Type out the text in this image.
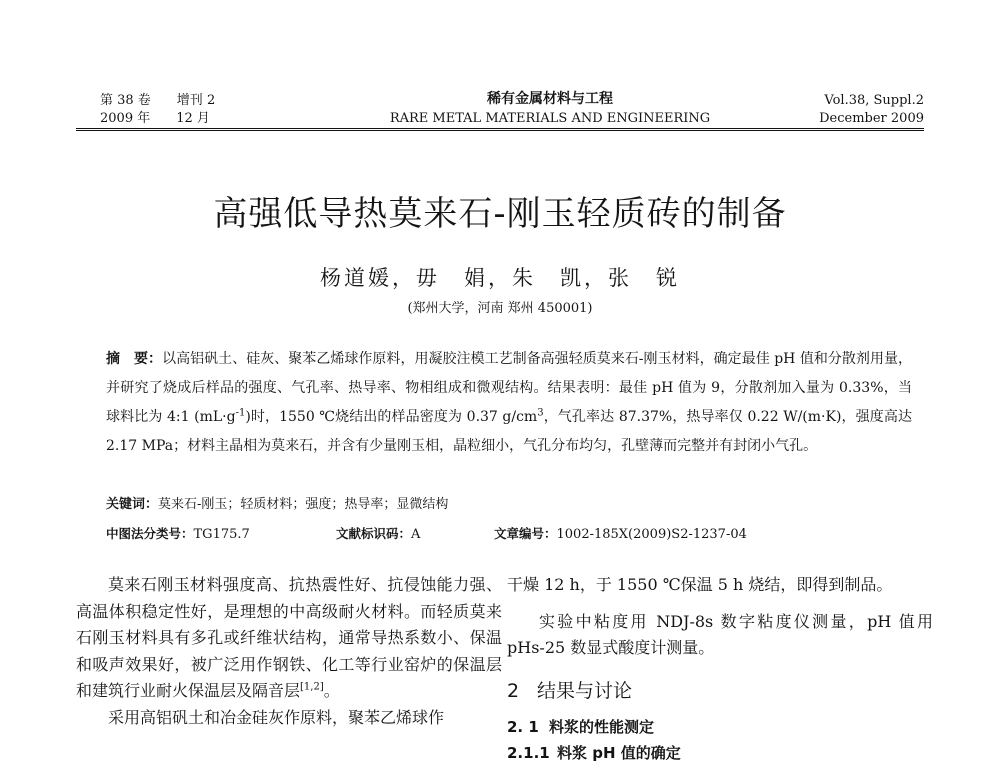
第 38 卷　　增刊 2
2009 年　　12 月
稀有金属材料与工程
RARE METAL MATERIALS AND ENGINEERING
Vol.38, Suppl.2
December 2009
高强低导热莫来石-刚玉轻质砖的制备
杨道媛，毋　娟，朱　凯，张　锐
(郑州大学，河南 郑州 450001)
摘　要：以高铝矾土、硅灰、聚苯乙烯球作原料，用凝胶注模工艺制备高强轻质莫来石-刚玉材料，确定最佳 pH 值和分散剂用量，并研究了烧成后样品的强度、气孔率、热导率、物相组成和微观结构。结果表明：最佳 pH 值为 9，分散剂加入量为 0.33%，当球料比为 4:1 $(mL\cdot g^{-1})$时，1550 ℃烧结出的样品密度为 0.37 $g/cm^3$，气孔率达 87.37%，热导率仅 0.22 W/(m·K)，强度高达 2.17 MPa；材料主晶相为莫来石，并含有少量刚玉相，晶粒细小，气孔分布均匀，孔壁薄而完整并有封闭小气孔。
关键词：莫来石-刚玉；轻质材料；强度；热导率；显微结构
中图法分类号：TG175.7	文献标识码：A	文章编号：1002-185X(2009)S2-1237-04

莫来石刚玉材料强度高、抗热震性好、抗侵蚀能力强、高温体积稳定性好，是理想的中高级耐火材料。而轻质莫来石刚玉材料具有多孔或纤维状结构，通常导热系数小、保温和吸声效果好，被广泛用作钢铁、化工等行业窑炉的保温层和建筑行业耐火保温层及隔音层[1,2]。

采用高铝矾土和冶金硅灰作原料，聚苯乙烯球作

干燥 12 h，于 1550 ℃保温 5 h 烧结，即得到制品。

实验中粘度用 NDJ-8s 数字粘度仪测量，pH 值用 pHs-25 数显式酸度计测量。

2 结果与讨论

2. 1 料浆的性能测定

2.1.1 料浆 pH 值的确定
